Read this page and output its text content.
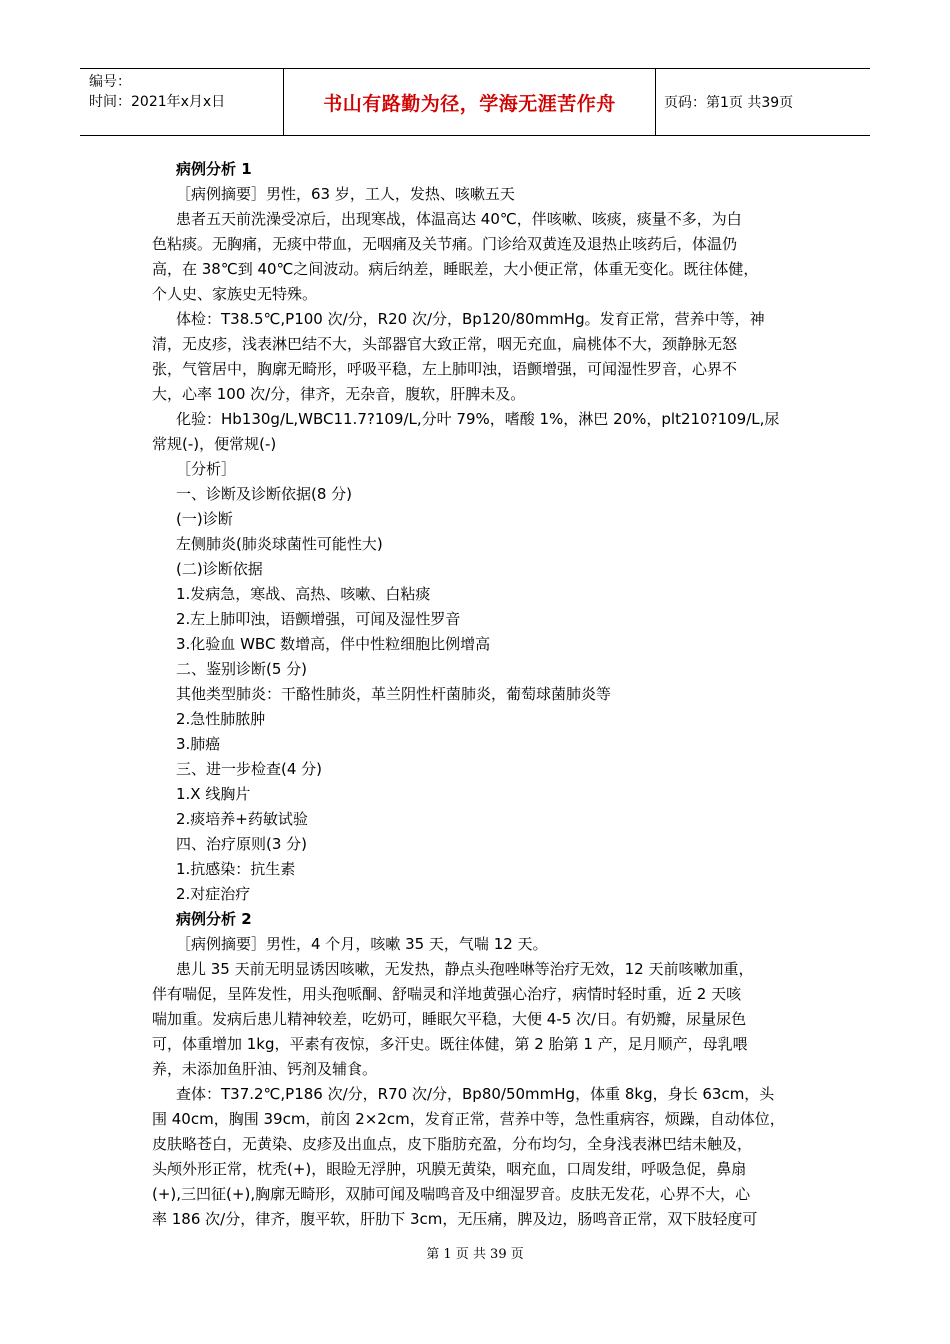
编号：
时间：2021年x月x日	书山有路勤为径，学海无涯苦作舟	页码：第1页 共39页

病例分析 1

［病例摘要］男性，63 岁，工人，发热、咳嗽五天

患者五天前洗澡受凉后，出现寒战，体温高达 40℃，伴咳嗽、咳痰，痰量不多，为白

色粘痰。无胸痛，无痰中带血，无咽痛及关节痛。门诊给双黄连及退热止咳药后，体温仍

高，在 38℃到 40℃之间波动。病后纳差，睡眠差，大小便正常，体重无变化。既往体健，

个人史、家族史无特殊。

体检：T38.5℃,P100 次/分，R20 次/分，Bp120/80mmHg。发育正常，营养中等，神

清，无皮疹，浅表淋巴结不大，头部器官大致正常，咽无充血，扁桃体不大，颈静脉无怒

张，气管居中，胸廓无畸形，呼吸平稳，左上肺叩浊，语颤增强，可闻湿性罗音，心界不

大，心率 100 次/分，律齐，无杂音，腹软，肝脾未及。

化验：Hb130g/L,WBC11.7?109/L,分叶 79%，嗜酸 1%，淋巴 20%，plt210?109/L,尿

常规(-)，便常规(-)

［分析］

一、诊断及诊断依据(8 分)

(一)诊断

左侧肺炎(肺炎球菌性可能性大)

(二)诊断依据

1.发病急，寒战、高热、咳嗽、白粘痰

2.左上肺叩浊，语颤增强，可闻及湿性罗音

3.化验血 WBC 数增高，伴中性粒细胞比例增高

二、鉴别诊断(5 分)

其他类型肺炎：干酪性肺炎，革兰阴性杆菌肺炎，葡萄球菌肺炎等

2.急性肺脓肿

3.肺癌

三、进一步检查(4 分)

1.X 线胸片

2.痰培养+药敏试验

四、治疗原则(3 分)

1.抗感染：抗生素

2.对症治疗

病例分析 2

［病例摘要］男性，4 个月，咳嗽 35 天，气喘 12 天。

患儿 35 天前无明显诱因咳嗽，无发热，静点头孢唑啉等治疗无效，12 天前咳嗽加重，

伴有喘促，呈阵发性，用头孢哌酮、舒喘灵和洋地黄强心治疗，病情时轻时重，近 2 天咳

喘加重。发病后患儿精神较差，吃奶可，睡眠欠平稳，大便 4-5 次/日。有奶瓣，尿量尿色

可，体重增加 1kg，平素有夜惊，多汗史。既往体健，第 2 胎第 1 产，足月顺产，母乳喂

养，未添加鱼肝油、钙剂及辅食。

查体：T37.2℃,P186 次/分，R70 次/分，Bp80/50mmHg，体重 8kg，身长 63cm，头

围 40cm，胸围 39cm，前囟 2×2cm，发育正常，营养中等，急性重病容，烦躁，自动体位，

皮肤略苍白，无黄染、皮疹及出血点，皮下脂肪充盈，分布均匀，全身浅表淋巴结未触及，

头颅外形正常，枕秃(+)，眼睑无浮肿，巩膜无黄染，咽充血，口周发绀，呼吸急促，鼻扇

(+),三凹征(+),胸廓无畸形，双肺可闻及喘鸣音及中细湿罗音。皮肤无发花，心界不大，心

率 186 次/分，律齐，腹平软，肝肋下 3cm，无压痛，脾及边，肠鸣音正常，双下肢轻度可

第 1 页 共 39 页
